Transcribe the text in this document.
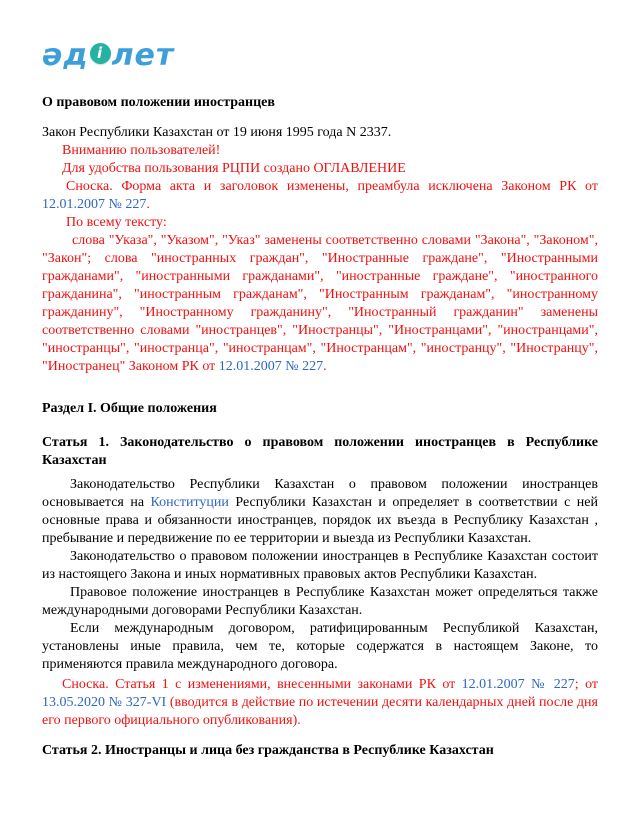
әд і лет
О правовом положении иностранцев

Закон Республики Казахстан от 19 июня 1995 года N 2337.

Вниманию пользователей!

Для удобства пользования РЦПИ создано ОГЛАВЛЕНИЕ

Сноска. Форма акта и заголовок изменены, преамбула исключена Законом РК от 12.01.2007 № 227.

По всему тексту:

слова "Указа", "Указом", "Указ" заменены соответственно словами "Закона", "Законом", "Закон"; слова "иностранных граждан", "Иностранные граждане", "Иностранными гражданами", "иностранными гражданами", "иностранные граждане", "иностранного гражданина", "иностранным гражданам", "Иностранным гражданам", "иностранному гражданину", "Иностранному гражданину", "Иностранный гражданин" заменены соответственно словами "иностранцев", "Иностранцы", "Иностранцами", "иностранцами", "иностранцы", "иностранца", "иностранцам", "Иностранцам", "иностранцу", "Иностранцу", "Иностранец" Законом РК от 12.01.2007 № 227.

Раздел I. Общие положения
Статья 1. Законодательство о правовом положении иностранцев в Республике Казахстан

Законодательство Республики Казахстан о правовом положении иностранцев основывается на Конституции Республики Казахстан и определяет в соответствии с ней основные права и обязанности иностранцев, порядок их въезда в Республику Казахстан , пребывание и передвижение по ее территории и выезда из Республики Казахстан.

Законодательство о правовом положении иностранцев в Республике Казахстан состоит из настоящего Закона и иных нормативных правовых актов Республики Казахстан.

Правовое положение иностранцев в Республике Казахстан может определяться также международными договорами Республики Казахстан.

Если международным договором, ратифицированным Республикой Казахстан, установлены иные правила, чем те, которые содержатся в настоящем Законе, то применяются правила международного договора.

Сноска. Статья 1 с изменениями, внесенными законами РК от 12.01.2007 № 227; от 13.05.2020 № 327-VI (вводится в действие по истечении десяти календарных дней после дня его первого официального опубликования).

Статья 2. Иностранцы и лица без гражданства в Республике Казахстан
